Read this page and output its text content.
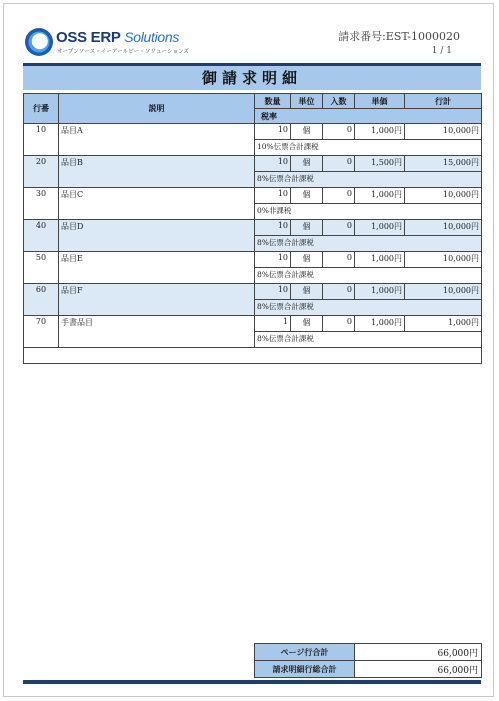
OSS ERP Solutions
オープンソース・イーアールピー・ソリューションズ
請求番号:EST-1000020
1 / 1
御請求明細
行番	説明	数量	単位	入数	単価	行計
		税率				
10	品目A	10	個	0	1,000円	10,000円
		10%伝票合計課税				
20	品目B	10	個	0	1,500円	15,000円
		8%伝票合計課税				
30	品目C	10	個	0	1,000円	10,000円
		0%非課税				
40	品目D	10	個	0	1,000円	10,000円
		8%伝票合計課税				
50	品目E	10	個	0	1,000円	10,000円
		8%伝票合計課税				
60	品目F	10	個	0	1,000円	10,000円
		8%伝票合計課税				
70	手書品目	1	個	0	1,000円	1,000円
		8%伝票合計課税				

ページ行合計	66,000円
請求明細行総合計	66,000円
